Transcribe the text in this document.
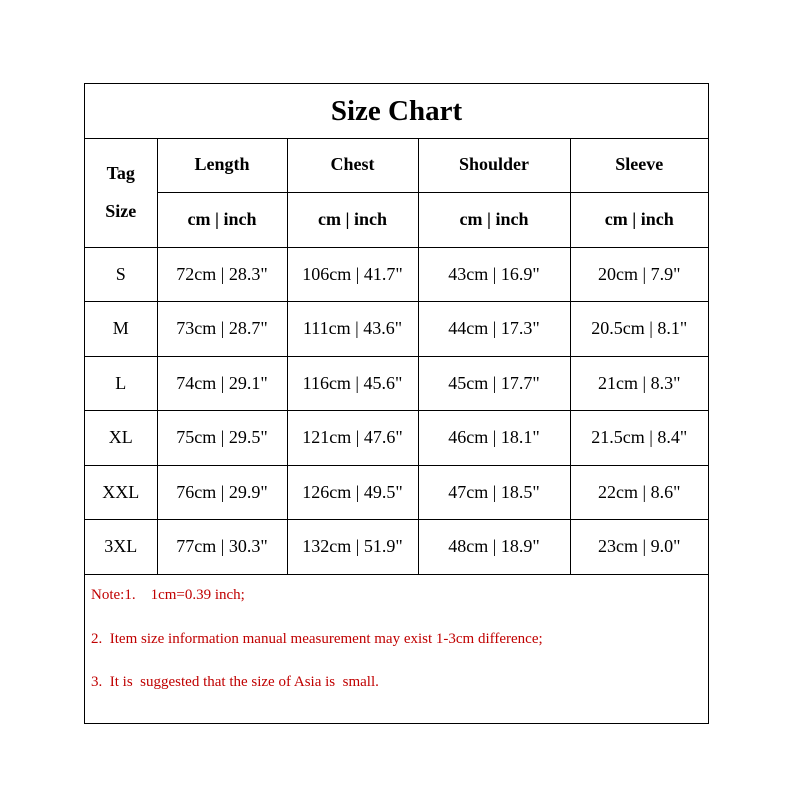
Size Chart
Tag
Size	Length	Chest	Shoulder	Sleeve
	cm | inch	cm | inch	cm | inch	cm | inch
S	72cm | 28.3"	106cm | 41.7"	43cm | 16.9"	20cm | 7.9"
M	73cm | 28.7"	111cm | 43.6"	44cm | 17.3"	20.5cm | 8.1"
L	74cm | 29.1"	116cm | 45.6"	45cm | 17.7"	21cm | 8.3"
XL	75cm | 29.5"	121cm | 47.6"	46cm | 18.1"	21.5cm | 8.4"
XXL	76cm | 29.9"	126cm | 49.5"	47cm | 18.5"	22cm | 8.6"
3XL	77cm | 30.3"	132cm | 51.9"	48cm | 18.9"	23cm | 9.0"
Note:1.    1cm=0.39 inch;
2.  Item size information manual measurement may exist 1-3cm difference;
3.  It is  suggested that the size of Asia is  small.
